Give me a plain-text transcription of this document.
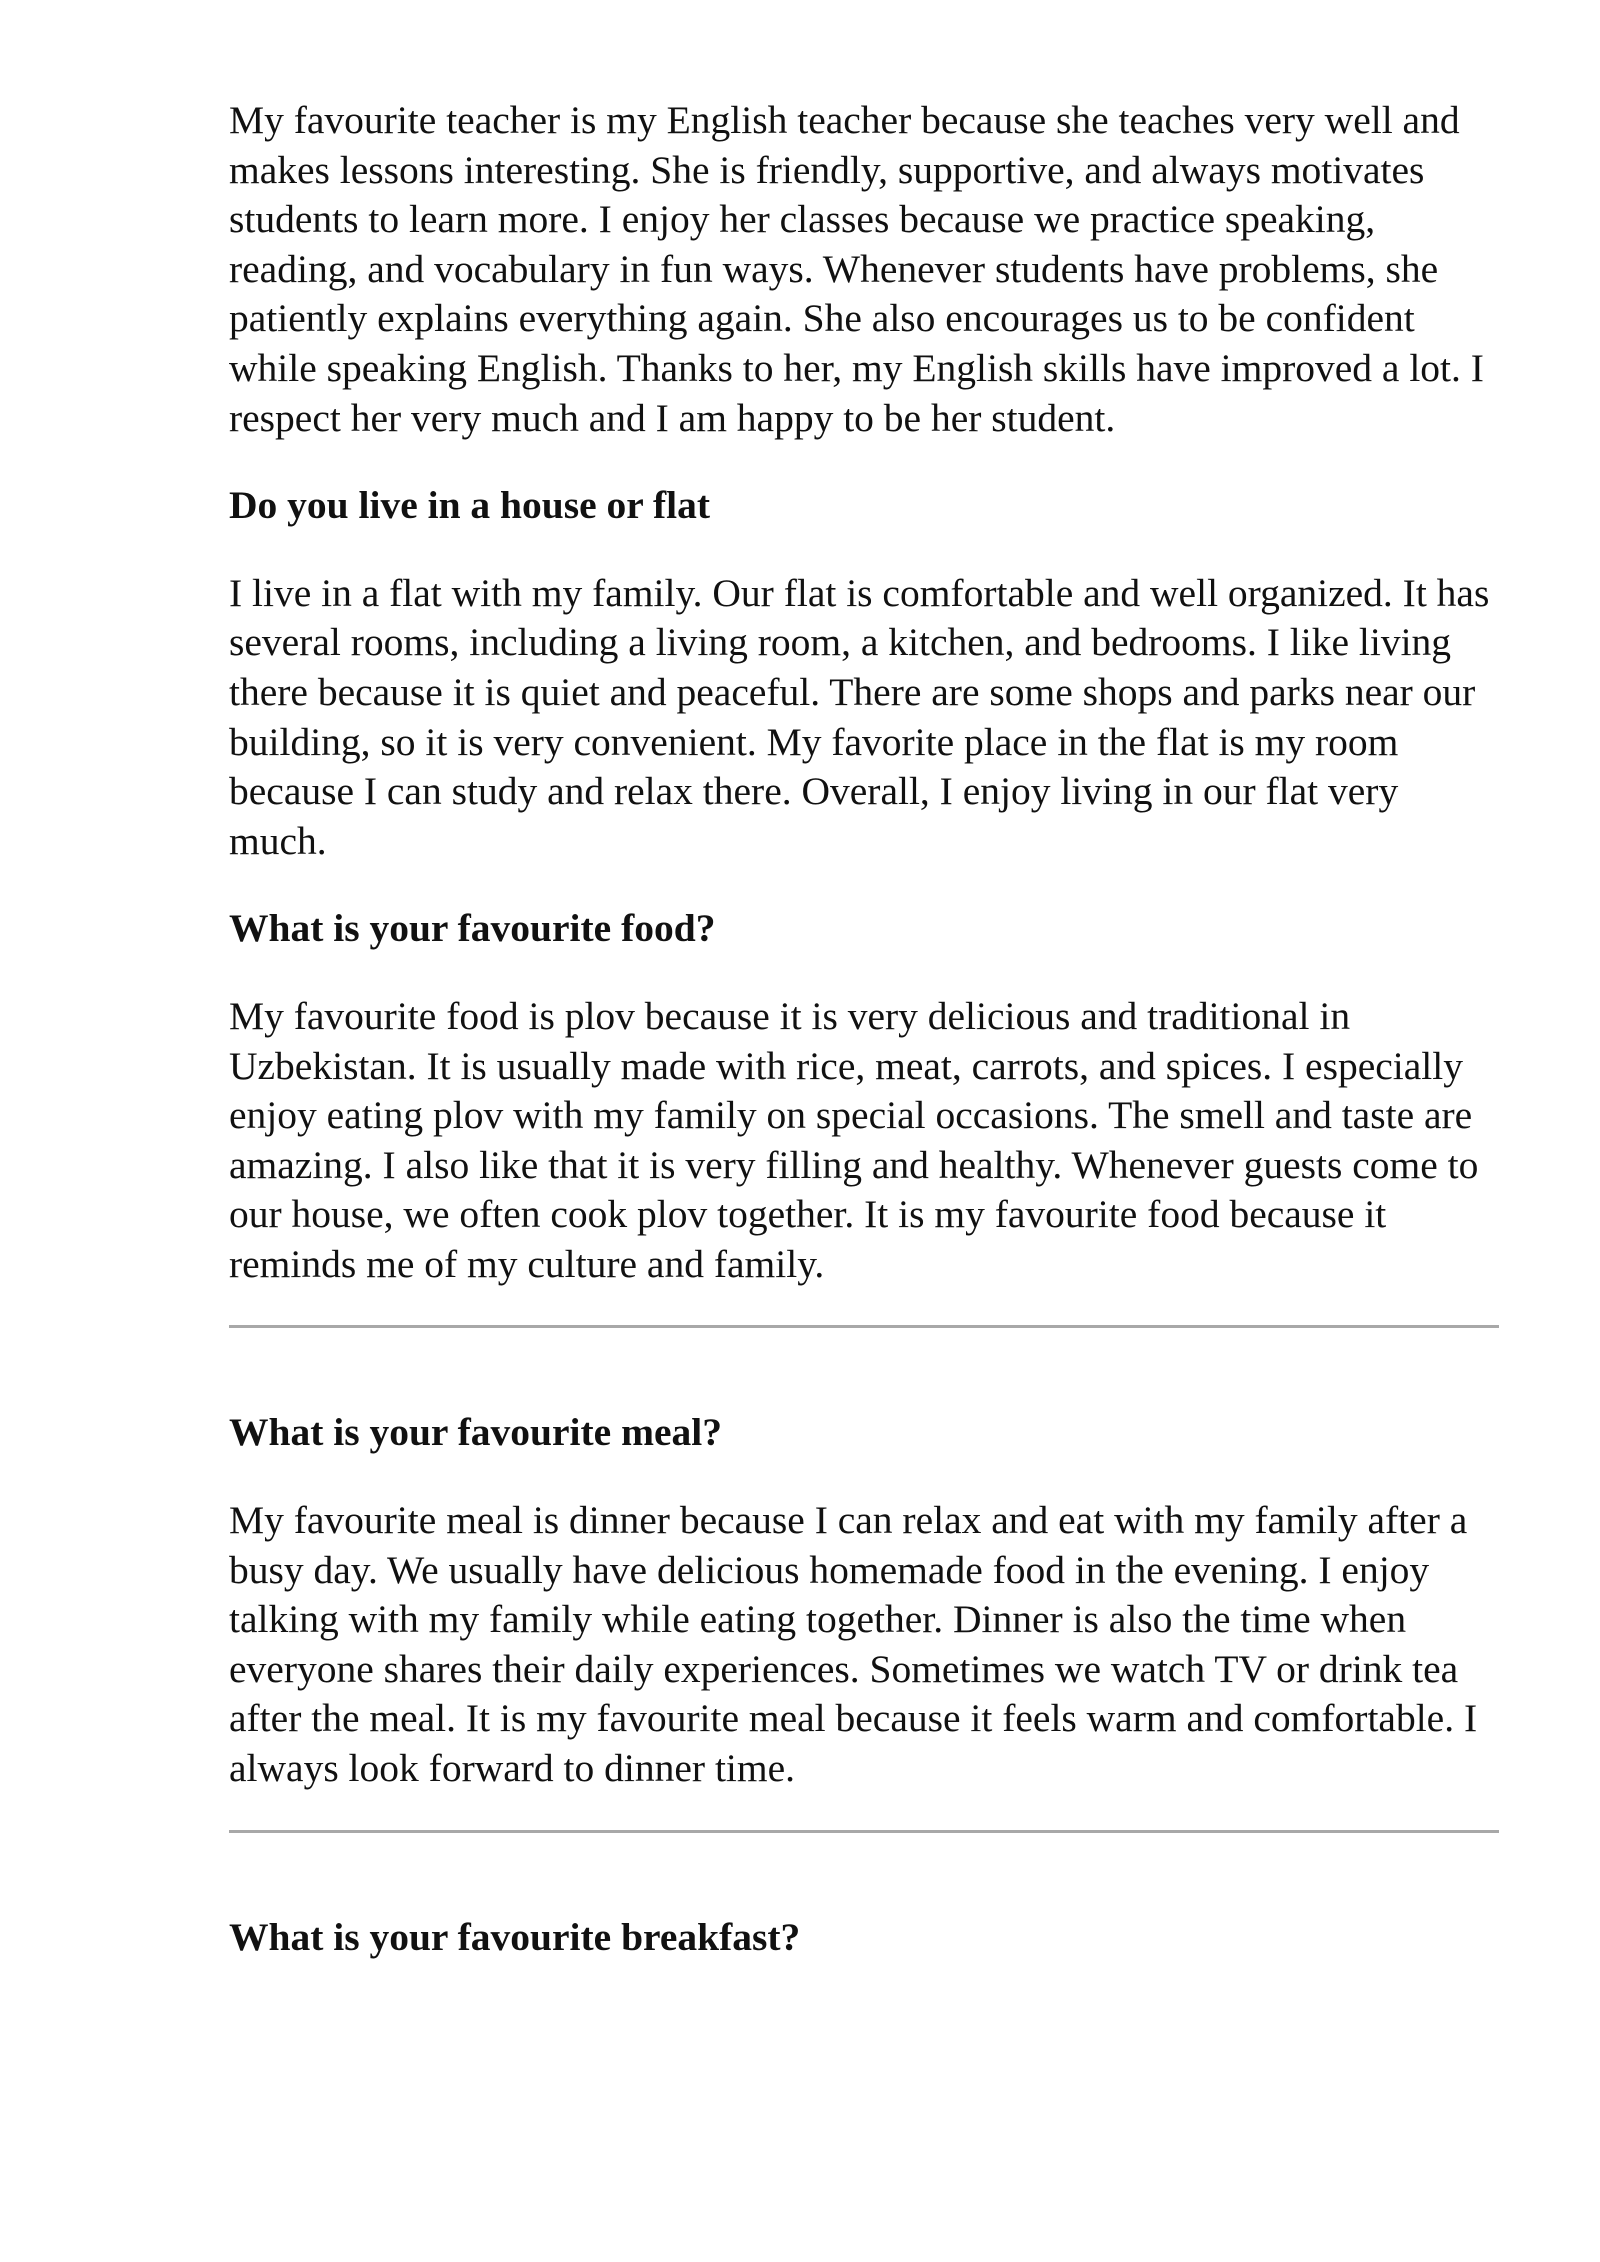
My favourite teacher is my English teacher because she teaches very well and makes lessons interesting. She is friendly, supportive, and always motivates students to learn more. I enjoy her classes because we practice speaking, reading, and vocabulary in fun ways. Whenever students have problems, she patiently explains everything again. She also encourages us to be confident while speaking English. Thanks to her, my English skills have improved a lot. I respect her very much and I am happy to be her student.

Do you live in a house or flat

I live in a flat with my family. Our flat is comfortable and well organized. It has several rooms, including a living room, a kitchen, and bedrooms. I like living there because it is quiet and peaceful. There are some shops and parks near our building, so it is very convenient. My favorite place in the flat is my room because I can study and relax there. Overall, I enjoy living in our flat very much.

What is your favourite food?

My favourite food is plov because it is very delicious and traditional in Uzbekistan. It is usually made with rice, meat, carrots, and spices. I especially enjoy eating plov with my family on special occasions. The smell and taste are amazing. I also like that it is very filling and healthy. Whenever guests come to our house, we often cook plov together. It is my favourite food because it reminds me of my culture and family.

What is your favourite meal?

My favourite meal is dinner because I can relax and eat with my family after a busy day. We usually have delicious homemade food in the evening. I enjoy talking with my family while eating together. Dinner is also the time when everyone shares their daily experiences. Sometimes we watch TV or drink tea after the meal. It is my favourite meal because it feels warm and comfortable. I always look forward to dinner time.

What is your favourite breakfast?
